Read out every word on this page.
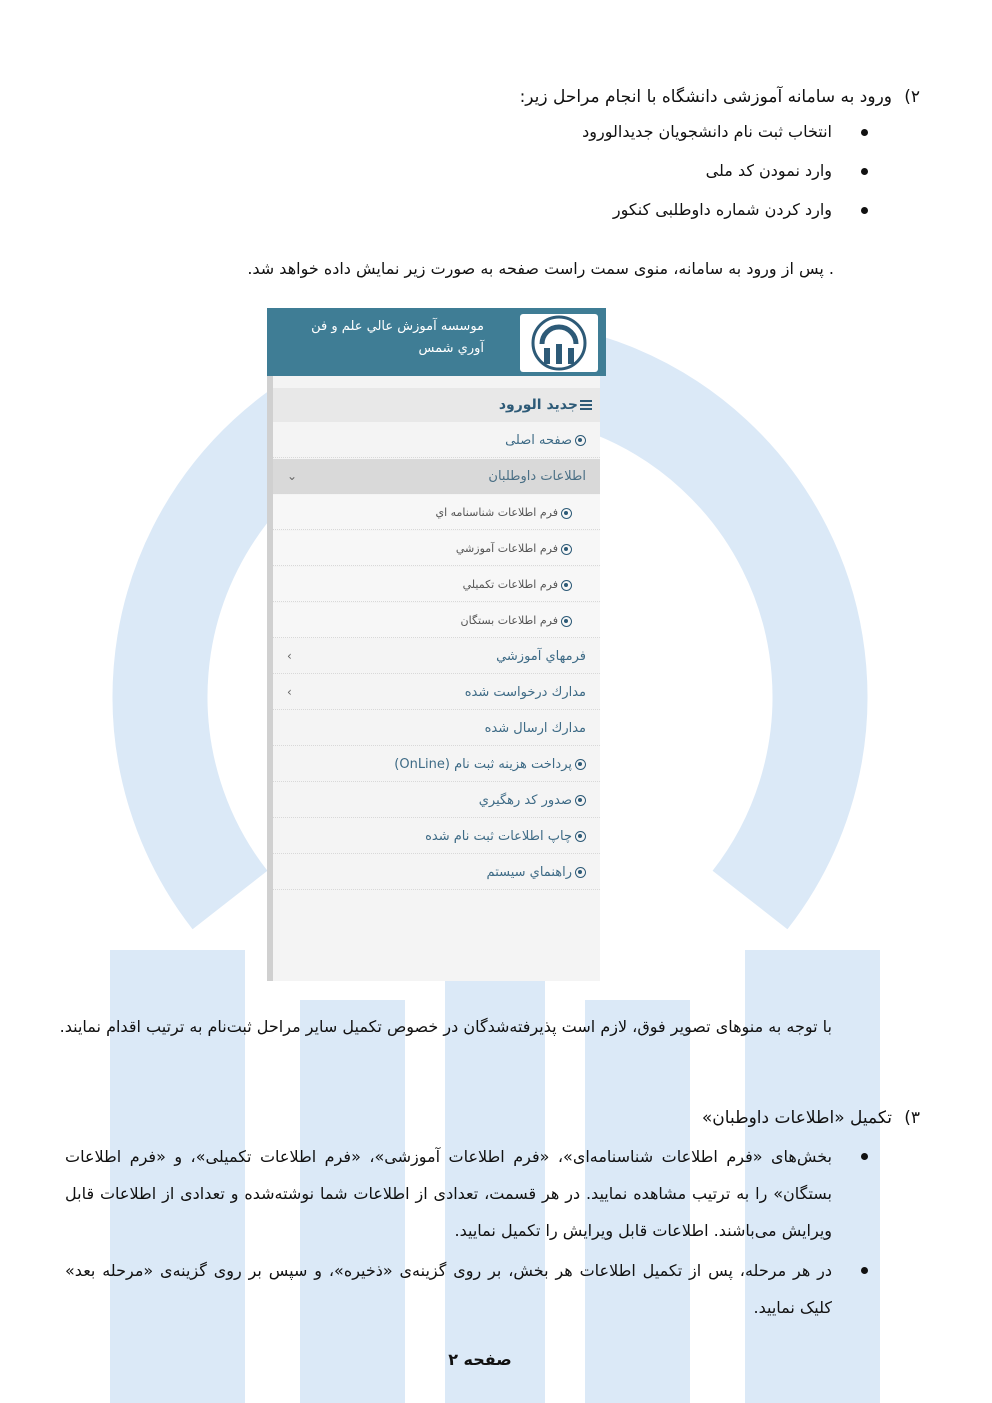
۲)
ورود به سامانه آموزشی دانشگاه با انجام مراحل زیر:
انتخاب ثبت نام دانشجویان جدیدالورود
وارد نمودن کد ملی
وارد کردن شماره داوطلبی کنکور
. پس از ورود به سامانه، منوی سمت راست صفحه به صورت زیر نمایش داده خواهد شد.
موسسه آموزش عالي علم و فن آوري شمس
جديد الورود
صفحه اصلی
اطلاعات داوطلبان
⌄
فرم اطلاعات شناسنامه اي
فرم اطلاعات آموزشي
فرم اطلاعات تكميلي
فرم اطلاعات بستگان
فرمهاي آموزشي
›
مدارك درخواست شده
›
مدارك ارسال شده
پرداخت هزينه ثبت نام (OnLine)
صدور كد رهگيري
چاپ اطلاعات ثبت نام شده
راهنماي سيستم
با توجه به منوهای تصویر فوق، لازم است پذیرفته‌شدگان در خصوص تکمیل سایر مراحل ثبت‌نام به ترتیب اقدام نمایند.
۳)
تکمیل «اطلاعات داوطبان»
بخش‌های «فرم اطلاعات شناسنامه‌ای»، «فرم اطلاعات آموزشی»، «فرم اطلاعات تکمیلی»، و «فرم اطلاعات بستگان» را به ترتیب مشاهده نمایید. در هر قسمت، تعدادی از اطلاعات شما نوشته‌شده و تعدادی از اطلاعات قابل ویرایش می‌باشند. اطلاعات قابل ویرایش را تکمیل نمایید.
در هر مرحله، پس از تکمیل اطلاعات هر بخش، بر روی گزینه‌ی «ذخیره»، و سپس بر روی گزینه‌ی «مرحله بعد» کلیک نمایید.
صفحه ۲
